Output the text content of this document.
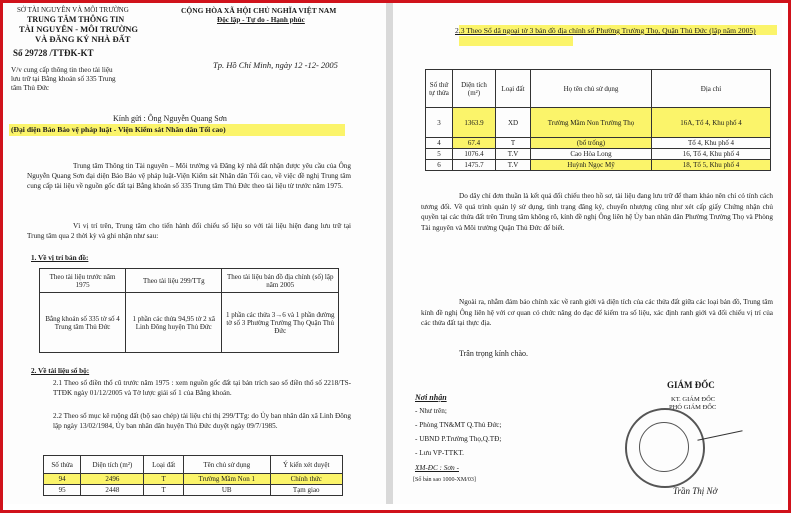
SỞ TÀI NGUYÊN VÀ MÔI TRƯỜNG
TRUNG TÂM THÔNG TIN
TÀI NGUYÊN - MÔI TRƯỜNG
VÀ ĐĂNG KÝ NHÀ ĐẤT
Số 29728 /TTĐK-KT
V/v cung cấp thông tin theo tài liệu
lưu trữ tại Bằng khoán số 335 Trung
tâm Thủ Đức
CỘNG HÒA XÃ HỘI CHỦ NGHĨA VIỆT NAM
Độc lập - Tự do - Hạnh phúc
Tp. Hồ Chí Minh, ngày 12 -12- 2005
Kính gửi : Ông Nguyễn Quang Sơn
(Đại diện Bảo Bảo vệ pháp luật - Viện Kiểm sát Nhân dân Tối cao)
Trung tâm Thông tin Tài nguyên – Môi trường và Đăng ký nhà đất nhận được yêu cầu của Ông Nguyễn Quang Sơn đại diện Báo Bảo vệ pháp luật-Viện Kiểm sát Nhân dân Tối cao, về việc đề nghị Trung tâm cung cấp tài liệu về nguồn gốc đất tại Bằng khoán số 335 Trung tâm Thủ Đức theo tài liệu từ trước năm 1975.
Vì vị trí trên, Trung tâm cho tiến hành đối chiếu số liệu so với tài liệu hiện đang lưu trữ tại Trung tâm qua 2 thời kỳ và ghi nhận như sau:
1. Về vị trí bản đồ:
Theo tài liệu trước năm 1975	Theo tài liệu 299/TTg	Theo tài liệu bản đồ địa chính (số) lập năm 2005
Bằng khoán số 335 tờ số 4 Trung tâm Thủ Đức	1 phần các thửa 94,95 tờ 2 xã Linh Đông huyện Thủ Đức	1 phần các thửa 3→6 và 1 phần đường tờ số 3 Phường Trường Thọ Quận Thủ Đức
2. Về tài liệu sổ bộ:
2.1 Theo sổ điền thổ cũ trước năm 1975 : xem nguồn gốc đất tại bản trích sao sổ điền thổ số 2218/TS-TTĐK ngày 01/12/2005 và Tờ lược giải số 1 của Bằng khoán.
2.2 Theo sổ mục kê ruộng đất (bộ sao chép) tài liệu chỉ thị 299/TTg: do Ủy ban nhân dân xã Linh Đông lập ngày 13/02/1984, Ủy ban nhân dân huyện Thủ Đức duyệt ngày 09/7/1985.
Số thửa	Diện tích (m²)	Loại đất	Tên chủ sử dụng	Ý kiến xét duyệt
94	2496	T	Trường Mầm Non 1	Chính thức
95	2448	T	UB	Tạm giao
2.3 Theo Sổ dã ngoại tờ 3 bản đồ địa chính số Phường Trường Thọ, Quận Thủ Đức (lập năm 2005)
Số thứ tự thửa	Diện tích (m²)	Loại đất	Họ tên chủ sử dụng	Địa chỉ
3	1363.9	XD	Trường Mầm Non Trường Thọ	16A, Tổ 4, Khu phố 4
4	67.4	T	(bổ trống)	Tổ 4, Khu phố 4
5	1076.4	T.V	Cao Hòa Long	16, Tổ 4, Khu phố 4
6	1475.7	T.V	Huỳnh Ngọc Mỹ	18, Tổ 5, Khu phố 4
Do dây chỉ đơn thuần là kết quả đối chiếu theo hồ sơ, tài liệu đang lưu trữ để tham khảo nên chỉ có tính cách tương đối. Về quá trình quản lý sử dụng, tình trạng đăng ký, chuyển nhượng cũng như xét cấp giấy Chứng nhận chủ quyền tại các thửa đất trên Trung tâm không rõ, kính đề nghị Ông liên hệ Ủy ban nhân dân Phường Trường Thọ và Phòng Tài nguyên và Môi trường Quận Thủ Đức để biết.
Ngoài ra, nhằm đảm bảo chính xác về ranh giới và diện tích của các thửa đất giữa các loại bản đồ, Trung tâm kính đề nghị Ông liên hệ với cơ quan có chức năng do đạc để kiểm tra số liệu, xác định ranh giới và đối chiếu vị trí của các thửa đất tại thực địa.
Trân trọng kính chào.
Nơi nhận
- Như trên;
- Phòng TN&MT Q.Thủ Đức;
- UBND P.Trường Thọ,Q.TĐ;
- Lưu VP-TTKT.
XM-ĐC : Sơn -
[Số bản sao 1000-XM/03]
GIÁM ĐỐC
KT. GIÁM ĐỐC
PHÓ GIÁM ĐỐC
Trần Thị Nở
